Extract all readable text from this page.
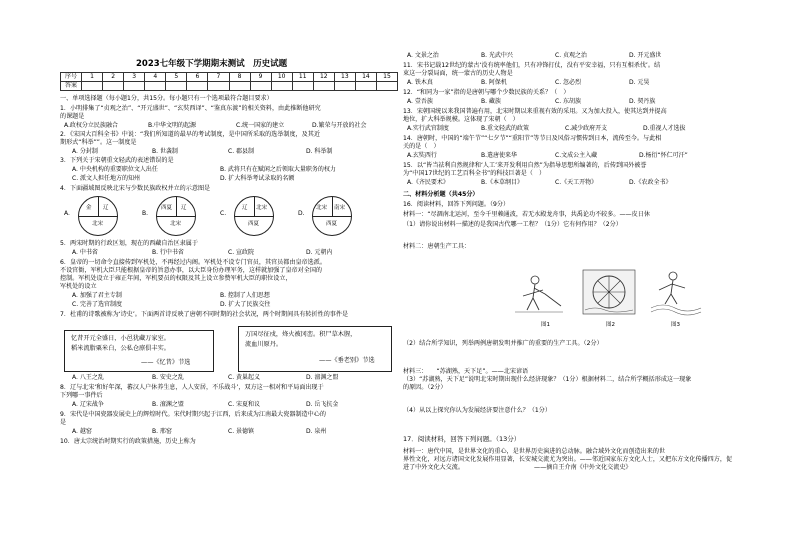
2023七年级下学期期末测试　历史试题
序号	1	2	3	4	5	6	7	8	9	10	11	12	13	14	15
答案															
一、单项选择题（每小题1分，共15分。每小题只有一个选项最符合题目要求）
1．小明排集了“贞观之治”、“开元盛世”、“玄奘西译”、“鉴真东渡”的相关资料，由此推断他研究
的课题是
A.政权分立民族融合	B.中华文明的起源	C.统一国家的建立	D.繁荣与开放的社会
2．《宋国大百科全书》中说：“我们所知道的最早的考试制度，是中国所采取的选举制度，及其近
期形式“科举””。这一制度是
A. 分封制	B. 世袭制	C. 郡县制	D. 科举制
3．下列关于宋朝重文轻武的表述错误的是
A. 中央机构的重要职位文人出任	B. 武将只有在赋闲之后领取大量职务的权力
C. 派文人担任地方的知州	D. 扩大科举考试录取的名额
4．下面疆域图反映北宋与少数民族政权并立的示意图是
A.
金 辽
北宋
B.
西夏 辽
北宋
C.
辽 北宋
西夏
D.
北宋 南宋
西夏
5．两宋时期的行政区划，现在的西藏自治区隶属于
A. 中书省	B. 行中书省	C. 宣政院	D. 元朝内
6．皇帝的一切命令直接传到军机处，不再经过内阁。军机处不设专门官员，其官员都由皇帝选派。
不设官衙，军机大臣只能根据皇帝的旨意办事，以大臣身份办理军务，这样就加强了皇帝对全国的
控制。军机处设立于雍正年间，军机要员的权限及其上设立参赞军机大臣的职位设立，
军机处的设立
A. 加强了君主专制	B. 控制了人们思想
C. 完善了选官制度	D. 扩大了民族交往
7．杜甫的诗歌被称为‘诗史’。下面两首诗反映了唐朝不同时期的社会状况，两个时期间具有转折性的事件是
忆昔开元全盛日，小邑犹藏万家室。
稻米流脂粟米白，公私仓廪俱丰实。
——《忆昔》节选
万国尽征戍，烽火被冈峦。积尸草木腥，
流血川原丹。
——《垂老别》节选
A. 八王之乱	B. 安史之乱	C. 黄巢起义	D. 澶渊之盟
8．辽与北宋‘和好年深，蕃汉人户休养生息，人人安居，不乐战斗’，双方这一相对和平局面出现于
下列哪一事件后
A. 辽宋战争	B. 澶渊之盟	C. 宋夏和议	D. 岳飞抗金
9．宋代是中国瓷器发展史上的辉煌时代。宋代时期兴起于江西，后来成为江南最大瓷器制造中心的
是
A. 越窑	B. 邢窑	C. 景德镇	D. 泉州
10．唐太宗统治时期实行的政策措施，历史上称为
A. 文景之治	B. 光武中兴	C. 贞观之治	D. 开元盛世
11．宋书记载12世纪的蒙古‘没有统率他们，只有冲锋打仗，没有平安幸福，只有互相杀伐’。结
束这一分裂局面，统一蒙古的历史人物是
A. 铁木真	B. 阿保机	C. 忽必烈	D. 元昊
12．“和同为一家”指的是唐朝与哪个少数民族的关系？（　）
A. 壹吾族	B. 藏族	C. 东胡族	D. 契丹族
13．宋朝国统以来我国普遍有用，北宋时期以来重视有效的采用。又为加大投入，使其达到并提高
地位，扩大科举规模。这体现了宋朝（　）
A.实行武官制度	B.重文轻武的政策	C.减少政府开支	D.重视人才选拔
14．唐朝时，中国的“端午节”“七夕节”“重阳节”等节日及风俗习惯传到日本，流传至今。与此相
关的是（　）
A.玄奘西行	B.遣唐使来华	C.文成公主入藏	D.杨衍“怀仁可汗”
15．以“皆当祛利自然规律和‘人工’来开发利用自然”为指导思想所编著的，后传到国外被誉
为“中国17世纪的工艺百科全书”的科技巨著是（　）
A.《齐民要术》	B.《本草纲目》	C.《天工开物》	D.《农政全书》
二、材料分析题（共45分）
16．阅读材料，回答下列问题。（9分）
材料一：“尽涸南北运河，至今千里赖通波，若无水殿龙舟事，共禹论功不较多。——皮日休
（1）请你说出材料一描述的是我国古代哪一工程？（1分）它有何作用？（2分）
材料二：唐朝生产工具：
图1	图2	图3
（2）结合所学知识，列举两例唐朝发明并推广的重要的生产工具。（2分）
材料三：　　“苏湖熟，天下足”。——北宋谚语
（3）“苏湖熟，天下足”说明北宋时期出现什么经济现象？（1分）根据材料二，结合所学概括形成这一现象
的原因。（2分）
（4）从以上探究你认为发展经济要注意什么？（1分）
17．阅读材料，回答下列问题。（13分）
材料一：唐代中国，是世界文化的重心，是世界历史演进的总动脉。融合域外文化而创造出来的世
界性文化，对远方诸国文化发展作用显著，长安城交流尤为突出。——邻近国家东方文化人士，又把东方文化传播四方，促
进了中外文化大交流。　　　　　　　　　　　　——摘自王介南《中外文化交流史》
